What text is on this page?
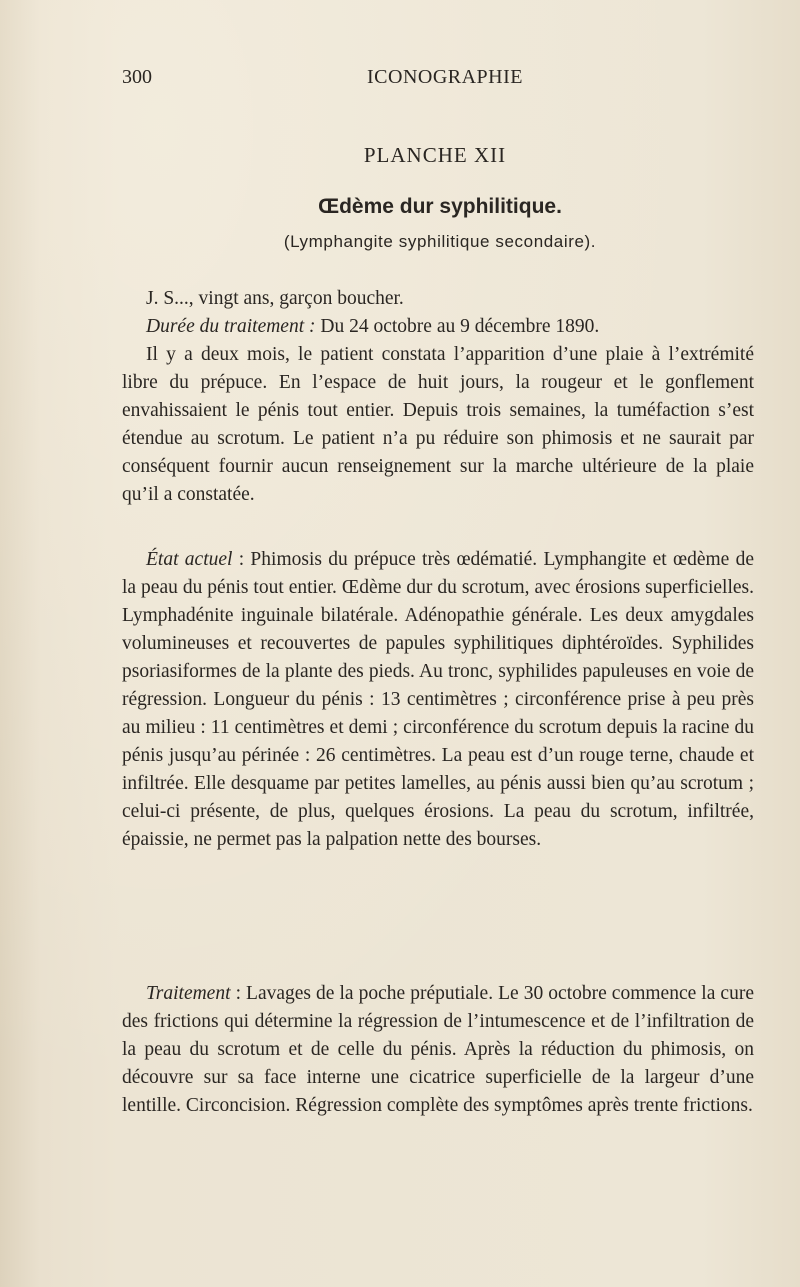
300	ICONOGRAPHIE
PLANCHE XII
Œdème dur syphilitique.
(Lymphangite syphilitique secondaire).

J. S..., vingt ans, garçon boucher.

Durée du traitement : Du 24 octobre au 9 décembre 1890.

Il y a deux mois, le patient constata l’apparition d’une plaie à l’extrémité libre du prépuce. En l’espace de huit jours, la rougeur et le gonflement envahissaient le pénis tout entier. Depuis trois semaines, la tuméfaction s’est étendue au scrotum. Le patient n’a pu réduire son phimosis et ne saurait par conséquent fournir aucun renseignement sur la marche ultérieure de la plaie qu’il a constatée.

État actuel : Phimosis du prépuce très œdématié. Lymphangite et œdème de la peau du pénis tout entier. Œdème dur du scrotum, avec érosions superficielles. Lymphadénite inguinale bilatérale. Adénopathie générale. Les deux amygdales volumineuses et recouvertes de papules syphilitiques diphtéroïdes. Syphilides psoriasiformes de la plante des pieds. Au tronc, syphilides papuleuses en voie de régression. Longueur du pénis : 13 centimètres ; circonférence prise à peu près au milieu : 11 centimètres et demi ; circonférence du scrotum depuis la racine du pénis jusqu’au périnée : 26 centimètres. La peau est d’un rouge terne, chaude et infiltrée. Elle desquame par petites lamelles, au pénis aussi bien qu’au scrotum ; celui-ci présente, de plus, quelques érosions. La peau du scrotum, infiltrée, épaissie, ne permet pas la palpation nette des bourses.

Traitement : Lavages de la poche préputiale. Le 30 octobre commence la cure des frictions qui détermine la régression de l’intumescence et de l’infiltration de la peau du scrotum et de celle du pénis. Après la réduction du phimosis, on découvre sur sa face interne une cicatrice superficielle de la largeur d’une lentille. Circoncision. Régression complète des symptômes après trente frictions.
